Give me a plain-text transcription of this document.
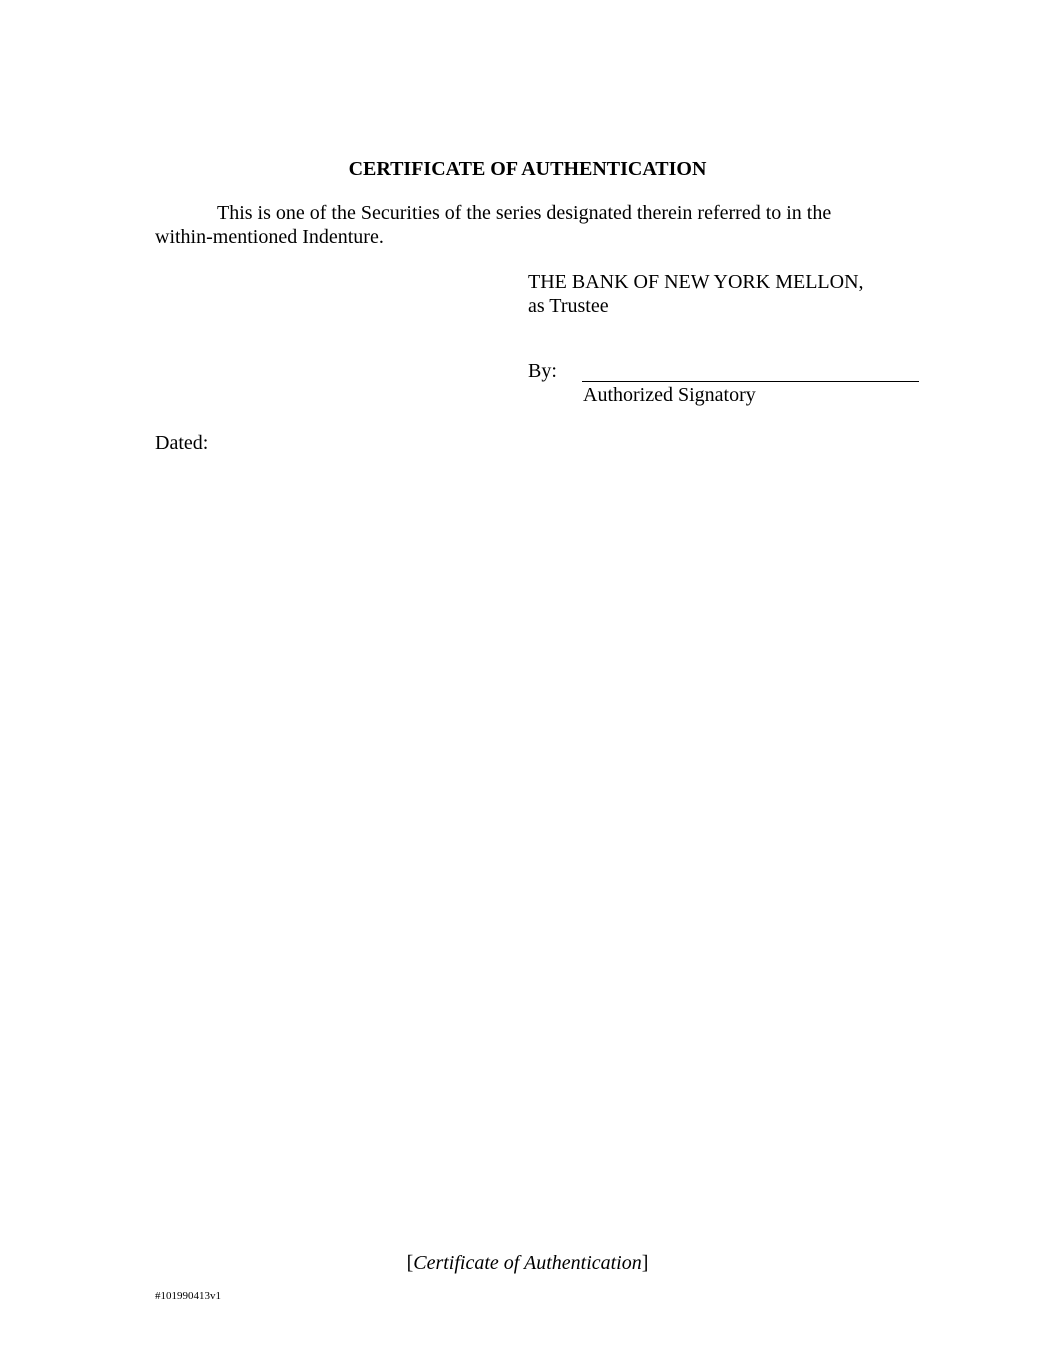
CERTIFICATE OF AUTHENTICATION
This is one of the Securities of the series designated therein referred to in the within-mentioned Indenture.
THE BANK OF NEW YORK MELLON,
as Trustee
By:
Authorized Signatory
Dated:
[Certificate of Authentication]
#101990413v1
